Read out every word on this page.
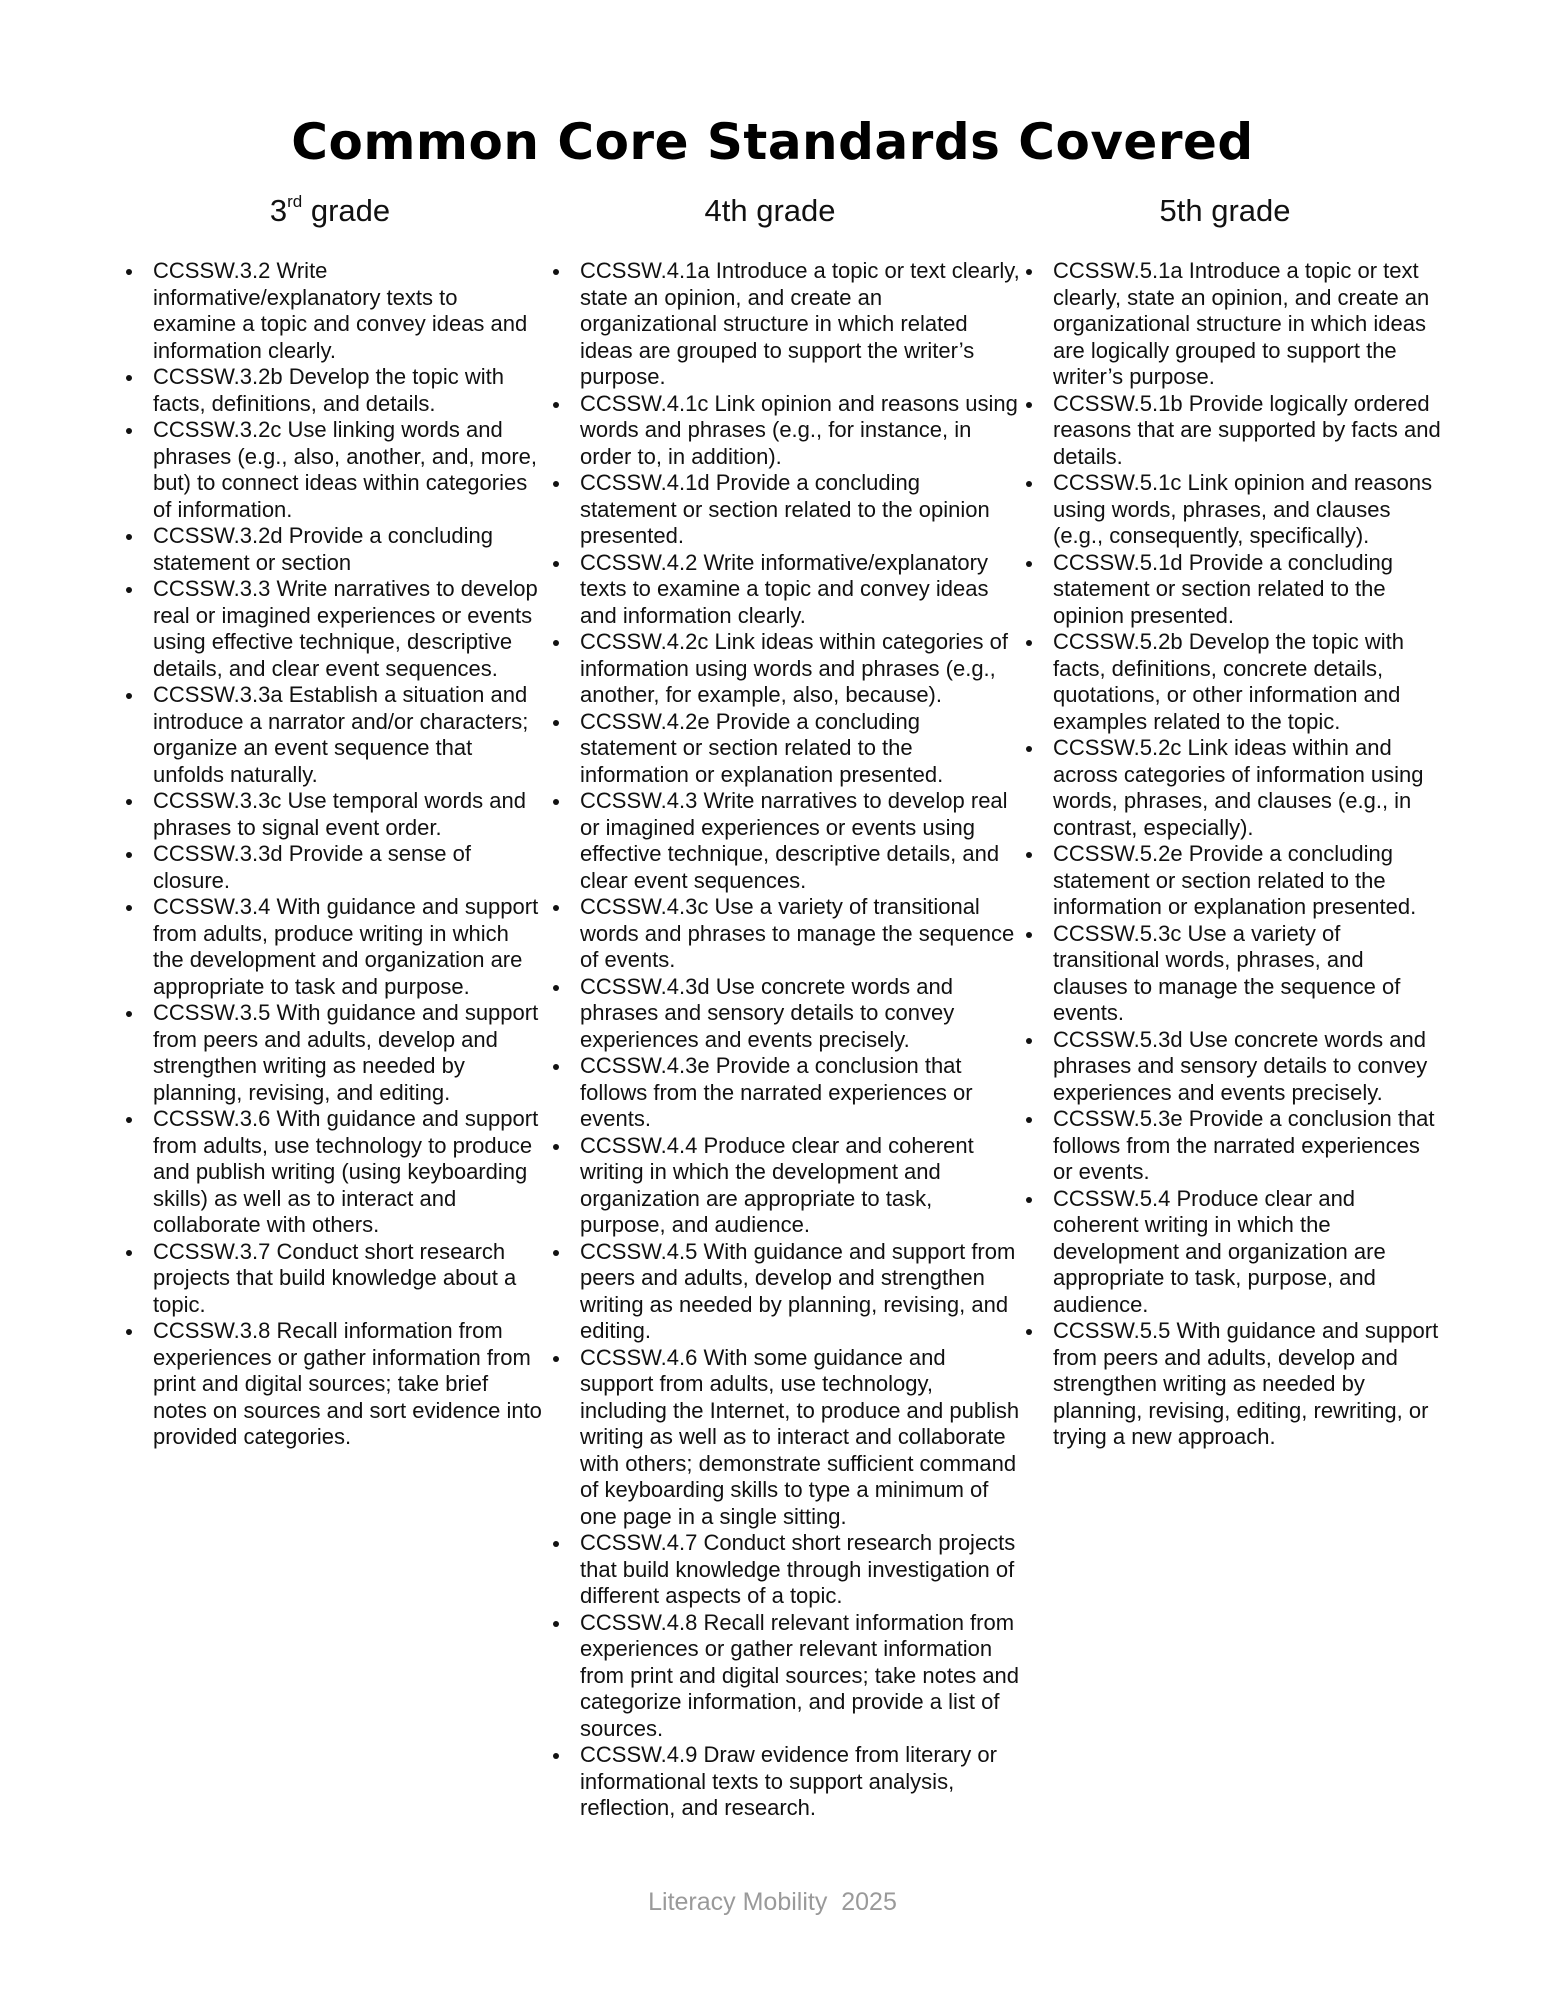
Common Core Standards Covered
3rd grade	4th grade	5th grade
CCSSW.3.2 Write informative/explanatory texts to examine a topic and convey ideas and information clearly.
CCSSW.3.2b Develop the topic with facts, definitions, and details.
CCSSW.3.2c Use linking words and phrases (e.g., also, another, and, more, but) to connect ideas within categories of information.
CCSSW.3.2d Provide a concluding statement or section
CCSSW.3.3 Write narratives to develop real or imagined experiences or events using effective technique, descriptive details, and clear event sequences.
CCSSW.3.3a Establish a situation and introduce a narrator and/or characters; organize an event sequence that unfolds naturally.
CCSSW.3.3c Use temporal words and phrases to signal event order.
CCSSW.3.3d Provide a sense of closure.
CCSSW.3.4 With guidance and support from adults, produce writing in which the development and organization are appropriate to task and purpose.
CCSSW.3.5 With guidance and support from peers and adults, develop and strengthen writing as needed by planning, revising, and editing.
CCSSW.3.6 With guidance and support from adults, use technology to produce and publish writing (using keyboarding skills) as well as to interact and collaborate with others.
CCSSW.3.7 Conduct short research projects that build knowledge about a topic.
CCSSW.3.8 Recall information from experiences or gather information from print and digital sources; take brief notes on sources and sort evidence into provided categories.
CCSSW.4.1a Introduce a topic or text clearly, state an opinion, and create an organizational structure in which related ideas are grouped to support the writer’s purpose.
CCSSW.4.1c Link opinion and reasons using words and phrases (e.g., for instance, in order to, in addition).
CCSSW.4.1d Provide a concluding statement or section related to the opinion presented.
CCSSW.4.2 Write informative/explanatory texts to examine a topic and convey ideas and information clearly.
CCSSW.4.2c Link ideas within categories of information using words and phrases (e.g., another, for example, also, because).
CCSSW.4.2e Provide a concluding statement or section related to the information or explanation presented.
CCSSW.4.3 Write narratives to develop real or imagined experiences or events using effective technique, descriptive details, and clear event sequences.
CCSSW.4.3c Use a variety of transitional words and phrases to manage the sequence of events.
CCSSW.4.3d Use concrete words and phrases and sensory details to convey experiences and events precisely.
CCSSW.4.3e Provide a conclusion that follows from the narrated experiences or events.
CCSSW.4.4 Produce clear and coherent writing in which the development and organization are appropriate to task, purpose, and audience.
CCSSW.4.5 With guidance and support from peers and adults, develop and strengthen writing as needed by planning, revising, and editing.
CCSSW.4.6 With some guidance and support from adults, use technology, including the Internet, to produce and publish writing as well as to interact and collaborate with others; demonstrate sufficient command of keyboarding skills to type a minimum of one page in a single sitting.
CCSSW.4.7 Conduct short research projects that build knowledge through investigation of different aspects of a topic.
CCSSW.4.8 Recall relevant information from experiences or gather relevant information from print and digital sources; take notes and categorize information, and provide a list of sources.
CCSSW.4.9 Draw evidence from literary or informational texts to support analysis, reflection, and research.
CCSSW.5.1a Introduce a topic or text clearly, state an opinion, and create an organizational structure in which ideas are logically grouped to support the writer’s purpose.
CCSSW.5.1b Provide logically ordered reasons that are supported by facts and details.
CCSSW.5.1c Link opinion and reasons using words, phrases, and clauses (e.g., consequently, specifically).
CCSSW.5.1d Provide a concluding statement or section related to the opinion presented.
CCSSW.5.2b Develop the topic with facts, definitions, concrete details, quotations, or other information and examples related to the topic.
CCSSW.5.2c Link ideas within and across categories of information using words, phrases, and clauses (e.g., in contrast, especially).
CCSSW.5.2e Provide a concluding statement or section related to the information or explanation presented.
CCSSW.5.3c Use a variety of transitional words, phrases, and clauses to manage the sequence of events.
CCSSW.5.3d Use concrete words and phrases and sensory details to convey experiences and events precisely.
CCSSW.5.3e Provide a conclusion that follows from the narrated experiences or events.
CCSSW.5.4 Produce clear and coherent writing in which the development and organization are appropriate to task, purpose, and audience.
CCSSW.5.5 With guidance and support from peers and adults, develop and strengthen writing as needed by planning, revising, editing, rewriting, or trying a new approach.
Literacy Mobility  2025
